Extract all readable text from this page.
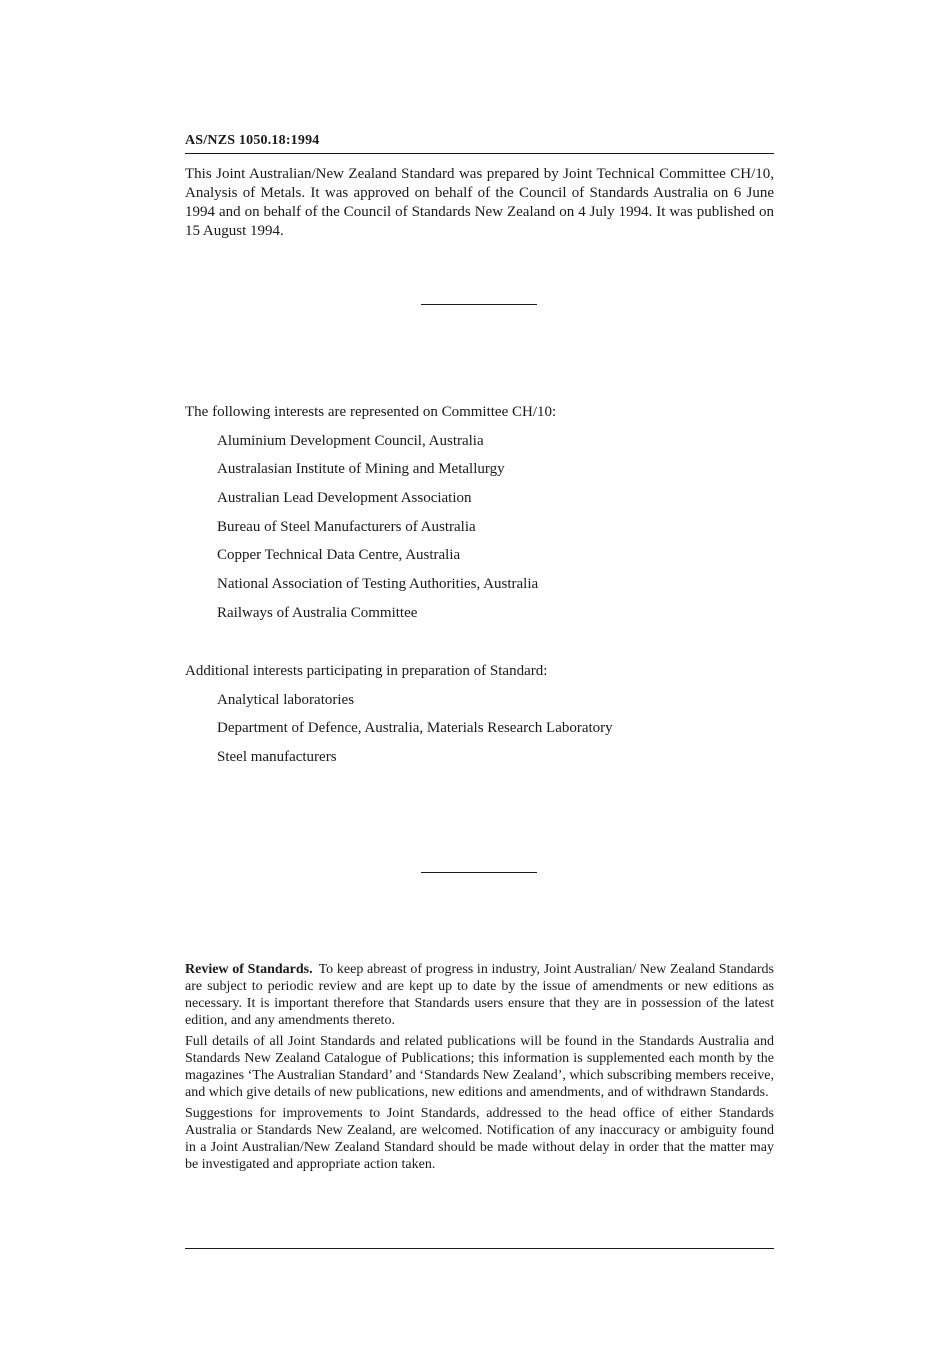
AS/NZS 1050.18:1994

This Joint Australian/New Zealand Standard was prepared by Joint Technical Committee CH/10, Analysis of Metals. It was approved on behalf of the Council of Standards Australia on 6 June 1994 and on behalf of the Council of Standards New Zealand on 4 July 1994. It was published on 15 August 1994.

The following interests are represented on Committee CH/10:

Aluminium Development Council, Australia
Australasian Institute of Mining and Metallurgy
Australian Lead Development Association
Bureau of Steel Manufacturers of Australia
Copper Technical Data Centre, Australia
National Association of Testing Authorities, Australia
Railways of Australia Committee

Additional interests participating in preparation of Standard:

Analytical laboratories
Department of Defence, Australia, Materials Research Laboratory
Steel manufacturers

Review of Standards. To keep abreast of progress in industry, Joint Australian/ New Zealand Standards are subject to periodic review and are kept up to date by the issue of amendments or new editions as necessary. It is important therefore that Standards users ensure that they are in possession of the latest edition, and any amendments thereto.

Full details of all Joint Standards and related publications will be found in the Standards Australia and Standards New Zealand Catalogue of Publications; this information is supplemented each month by the magazines ‘The Australian Standard’ and ‘Standards New Zealand’, which subscribing members receive, and which give details of new publications, new editions and amendments, and of withdrawn Standards.

Suggestions for improvements to Joint Standards, addressed to the head office of either Standards Australia or Standards New Zealand, are welcomed. Notification of any inaccuracy or ambiguity found in a Joint Australian/New Zealand Standard should be made without delay in order that the matter may be investigated and appropriate action taken.
